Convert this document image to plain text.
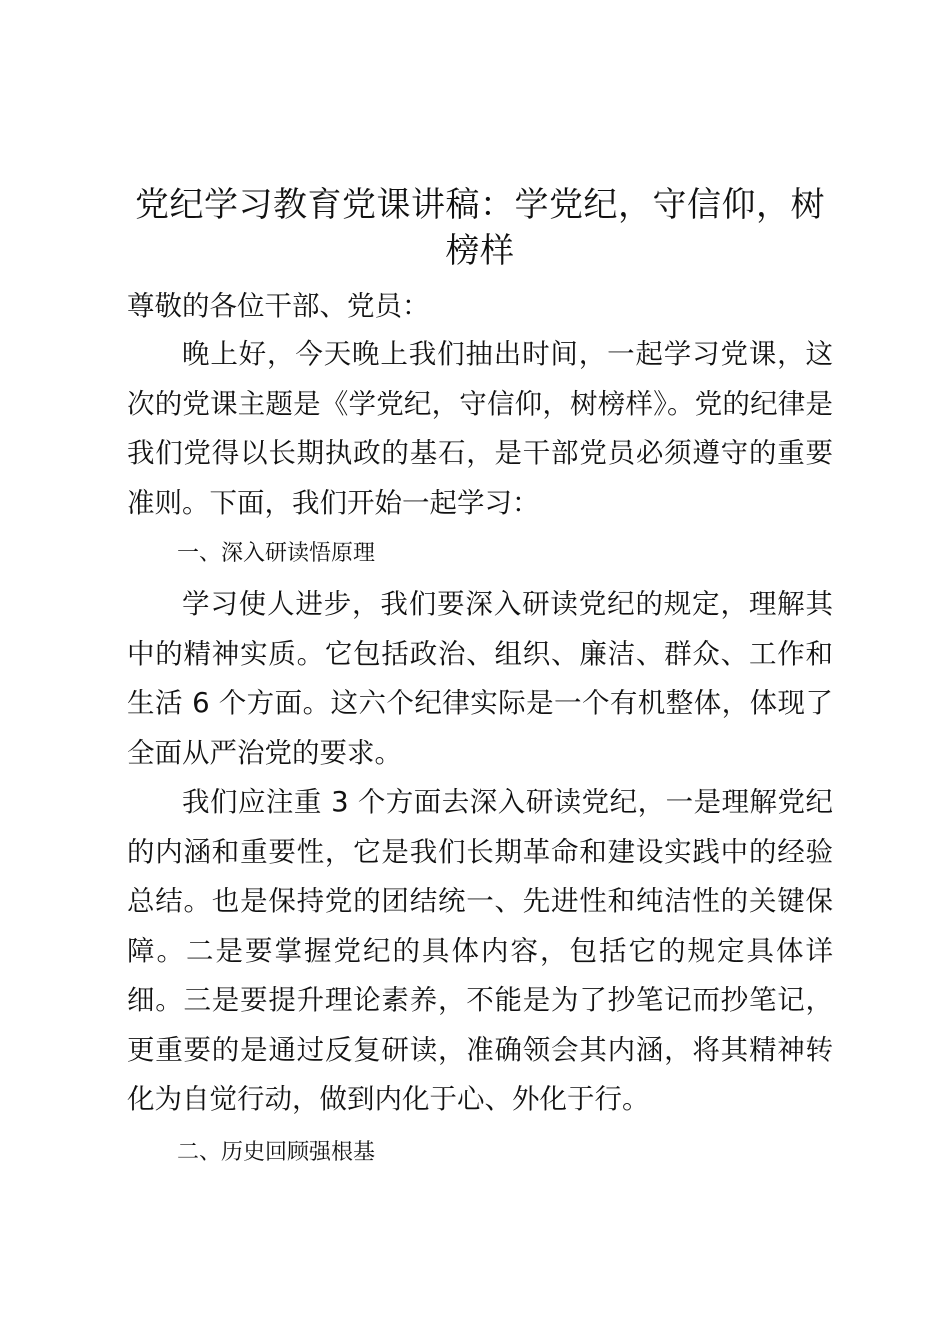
党纪学习教育党课讲稿：学党纪，守信仰，树榜样
尊敬的各位干部、党员：
晚上好，今天晚上我们抽出时间，一起学习党课，这次的党课主题是《学党纪，守信仰，树榜样》。党的纪律是我们党得以长期执政的基石，是干部党员必须遵守的重要准则。下面，我们开始一起学习：
一、深入研读悟原理
学习使人进步，我们要深入研读党纪的规定，理解其中的精神实质。它包括政治、组织、廉洁、群众、工作和生活 6 个方面。这六个纪律实际是一个有机整体，体现了全面从严治党的要求。
我们应注重 3 个方面去深入研读党纪，一是理解党纪的内涵和重要性，它是我们长期革命和建设实践中的经验总结。也是保持党的团结统一、先进性和纯洁性的关键保障。二是要掌握党纪的具体内容，包括它的规定具体详细。三是要提升理论素养，不能是为了抄笔记而抄笔记，更重要的是通过反复研读，准确领会其内涵，将其精神转化为自觉行动，做到内化于心、外化于行。
二、历史回顾强根基
